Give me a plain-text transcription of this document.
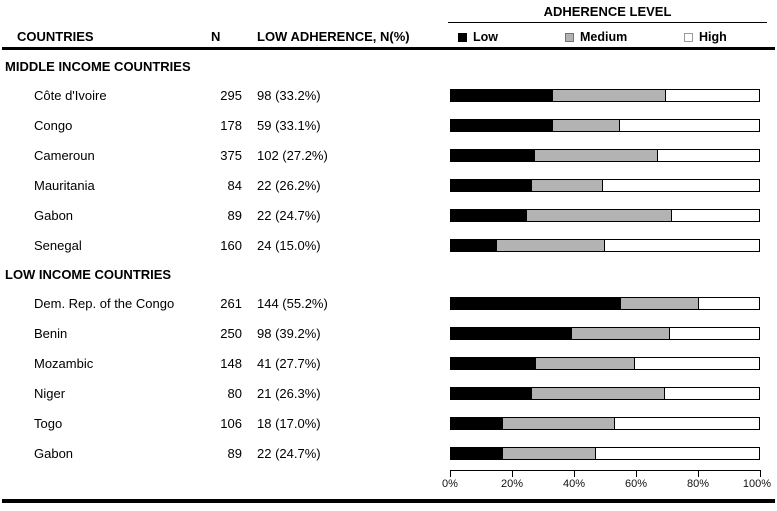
ADHERENCE LEVEL
COUNTRIES	N	LOW ADHERENCE, N(%)	Low	Medium	High
MIDDLE INCOME COUNTRIES
Côte d'Ivoire	295 98 (33.2%)
Congo	178 59 (33.1%)
Cameroun	375 102 (27.2%)
Mauritania	84 22 (26.2%)
Gabon	89 22 (24.7%)
Senegal	160 24 (15.0%)
LOW INCOME COUNTRIES
Dem. Rep. of the Congo	261 144 (55.2%)
Benin	250 98 (39.2%)
Mozambic	148 41 (27.7%)
Niger	80 21 (26.3%)
Togo	106 18 (17.0%)
Gabon	89 22 (24.7%)
0%	20%	40%	60%	80%	100%
